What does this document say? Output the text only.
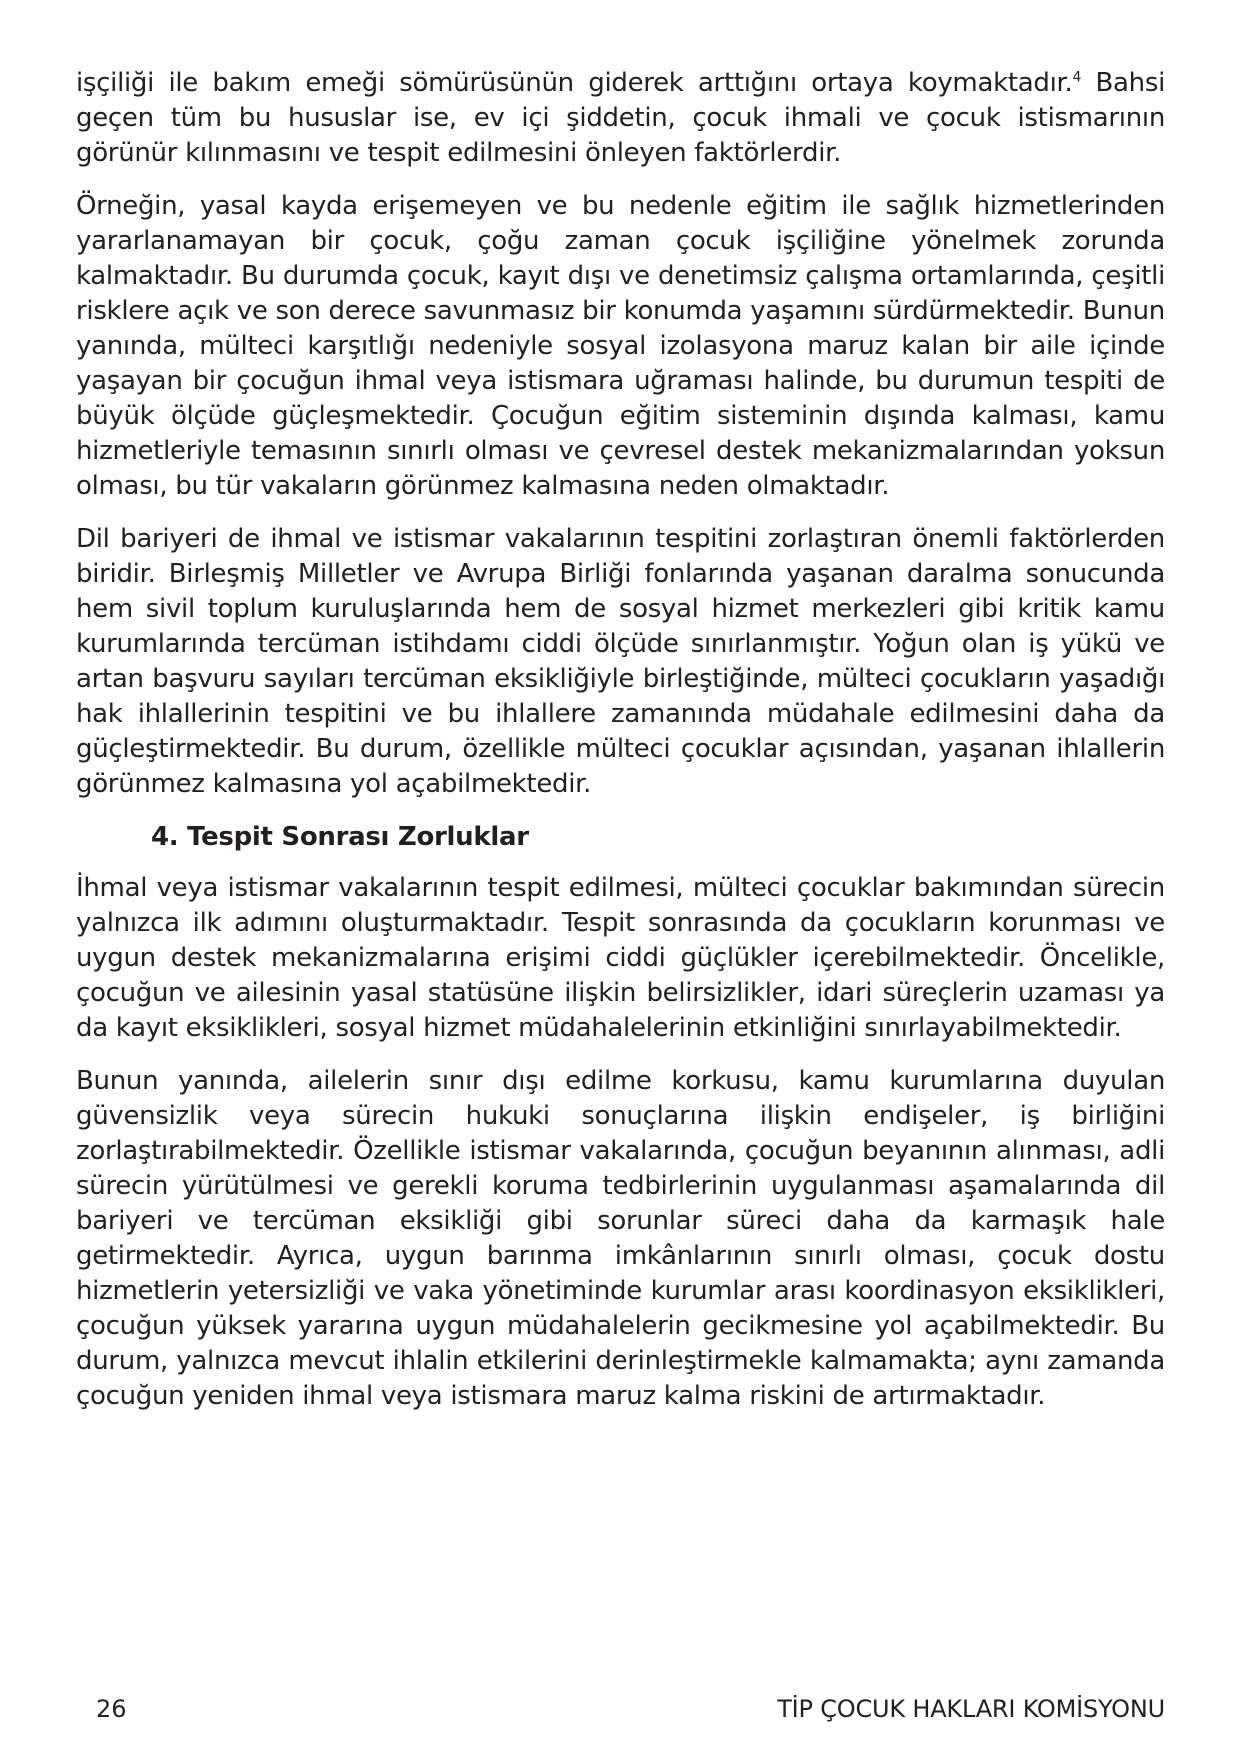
işçiliği ile bakım emeği sömürüsünün giderek arttığını ortaya koymaktadır.$^4$ Bahsi geçen tüm bu hususlar ise, ev içi şiddetin, çocuk ihmali ve çocuk istismarının görünür kılınmasını ve tespit edilmesini önleyen faktörlerdir.

Örneğin, yasal kayda erişemeyen ve bu nedenle eğitim ile sağlık hizmetlerinden yararlanamayan bir çocuk, çoğu zaman çocuk işçiliğine yönelmek zorunda kalmaktadır. Bu durumda çocuk, kayıt dışı ve denetimsiz çalışma ortamlarında, çeşitli risklere açık ve son derece savunmasız bir konumda yaşamını sürdürmektedir. Bunun yanında, mülteci karşıtlığı nedeniyle sosyal izolasyona maruz kalan bir aile içinde yaşayan bir çocuğun ihmal veya istismara uğraması halinde, bu durumun tespiti de büyük ölçüde güçleşmektedir. Çocuğun eğitim sisteminin dışında kalması, kamu hizmetleriyle temasının sınırlı olması ve çevresel destek mekanizmalarından yoksun olması, bu tür vakaların görünmez kalmasına neden olmaktadır.

Dil bariyeri de ihmal ve istismar vakalarının tespitini zorlaştıran önemli faktörlerden biridir. Birleşmiş Milletler ve Avrupa Birliği fonlarında yaşanan daralma sonucunda hem sivil toplum kuruluşlarında hem de sosyal hizmet merkezleri gibi kritik kamu kurumlarında tercüman istihdamı ciddi ölçüde sınırlanmıştır. Yoğun olan iş yükü ve artan başvuru sayıları tercüman eksikliğiyle birleştiğinde, mülteci çocukların yaşadığı hak ihlallerinin tespitini ve bu ihlallere zamanında müdahale edilmesini daha da güçleştirmektedir. Bu durum, özellikle mülteci çocuklar açısından, yaşanan ihlallerin görünmez kalmasına yol açabilmektedir.

4. Tespit Sonrası Zorluklar

İhmal veya istismar vakalarının tespit edilmesi, mülteci çocuklar bakımından sürecin yalnızca ilk adımını oluşturmaktadır. Tespit sonrasında da çocukların korunması ve uygun destek mekanizmalarına erişimi ciddi güçlükler içerebilmektedir. Öncelikle, çocuğun ve ailesinin yasal statüsüne ilişkin belirsizlikler, idari süreçlerin uzaması ya da kayıt eksiklikleri, sosyal hizmet müdahalelerinin etkinliğini sınırlayabilmektedir.

Bunun yanında, ailelerin sınır dışı edilme korkusu, kamu kurumlarına duyulan güvensizlik veya sürecin hukuki sonuçlarına ilişkin endişeler, iş birliğini zorlaştırabilmektedir. Özellikle istismar vakalarında, çocuğun beyanının alınması, adli sürecin yürütülmesi ve gerekli koruma tedbirlerinin uygulanması aşamalarında dil bariyeri ve tercüman eksikliği gibi sorunlar süreci daha da karmaşık hale getirmektedir. Ayrıca, uygun barınma imkânlarının sınırlı olması, çocuk dostu hizmetlerin yetersizliği ve vaka yönetiminde kurumlar arası koordinasyon eksiklikleri, çocuğun yüksek yararına uygun müdahalelerin gecikmesine yol açabilmektedir. Bu durum, yalnızca mevcut ihlalin etkilerini derinleştirmekle kalmamakta; aynı zamanda çocuğun yeniden ihmal veya istismara maruz kalma riskini de artırmaktadır.

26	TİP ÇOCUK HAKLARI KOMİSYONU
